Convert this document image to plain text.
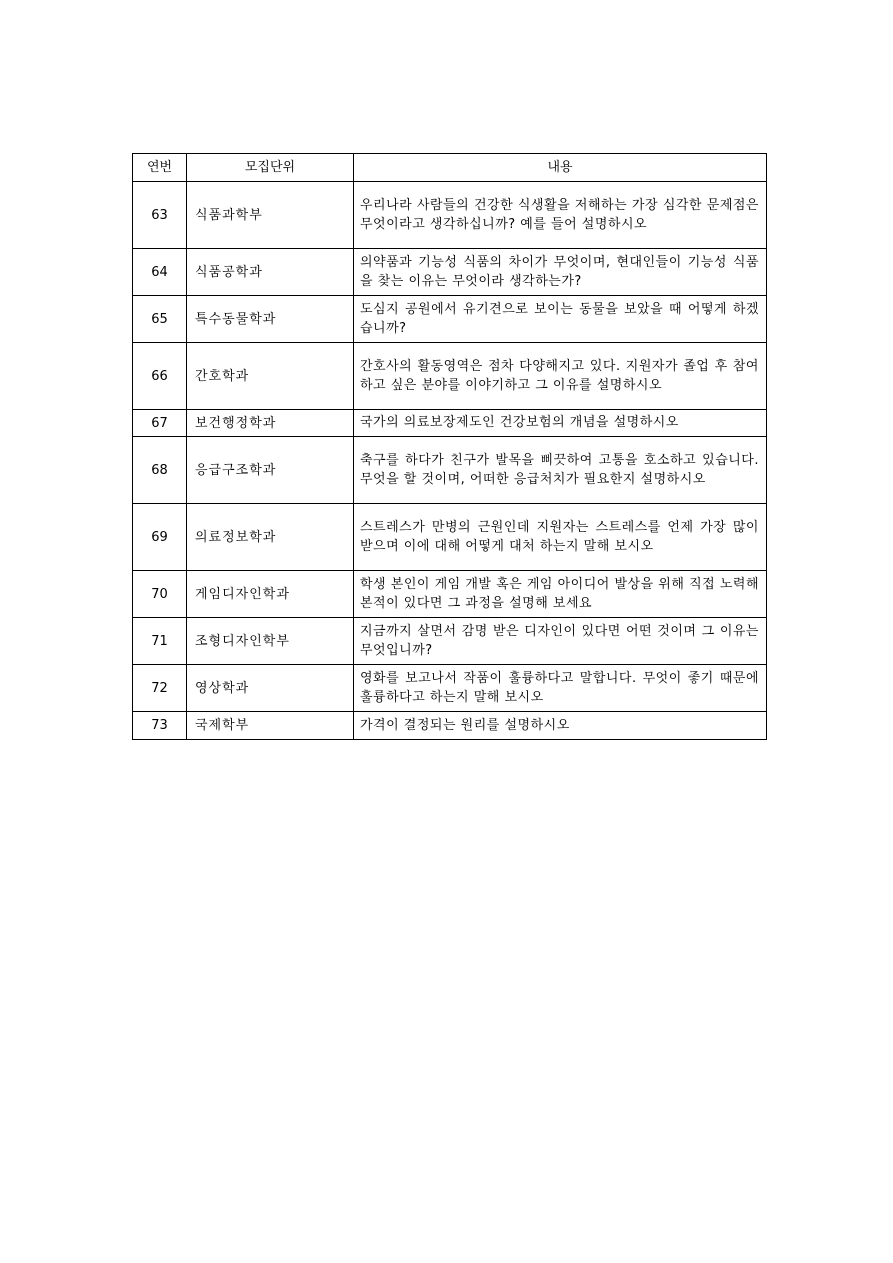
연번	모집단위	내용
63	식품과학부	우리나라 사람들의 건강한 식생활을 저해하는 가장 심각한 문제점은 무엇이라고 생각하십니까? 예를 들어 설명하시오
64	식품공학과	의약품과 기능성 식품의 차이가 무엇이며, 현대인들이 기능성 식품을 찾는 이유는 무엇이라 생각하는가?
65	특수동물학과	도심지 공원에서 유기견으로 보이는 동물을 보았을 때 어떻게 하겠습니까?
66	간호학과	간호사의 활동영역은 점차 다양해지고 있다. 지원자가 졸업 후 참여하고 싶은 분야를 이야기하고 그 이유를 설명하시오
67	보건행정학과	국가의 의료보장제도인 건강보험의 개념을 설명하시오
68	응급구조학과	축구를 하다가 친구가 발목을 삐끗하여 고통을 호소하고 있습니다. 무엇을 할 것이며, 어떠한 응급처치가 필요한지 설명하시오
69	의료정보학과	스트레스가 만병의 근원인데 지원자는 스트레스를 언제 가장 많이 받으며 이에 대해 어떻게 대처 하는지 말해 보시오
70	게임디자인학과	학생 본인이 게임 개발 혹은 게임 아이디어 발상을 위해 직접 노력해 본적이 있다면 그 과정을 설명해 보세요
71	조형디자인학부	지금까지 살면서 감명 받은 디자인이 있다면 어떤 것이며 그 이유는 무엇입니까?
72	영상학과	영화를 보고나서 작품이 훌륭하다고 말합니다. 무엇이 좋기 때문에 훌륭하다고 하는지 말해 보시오
73	국제학부	가격이 결정되는 원리를 설명하시오
